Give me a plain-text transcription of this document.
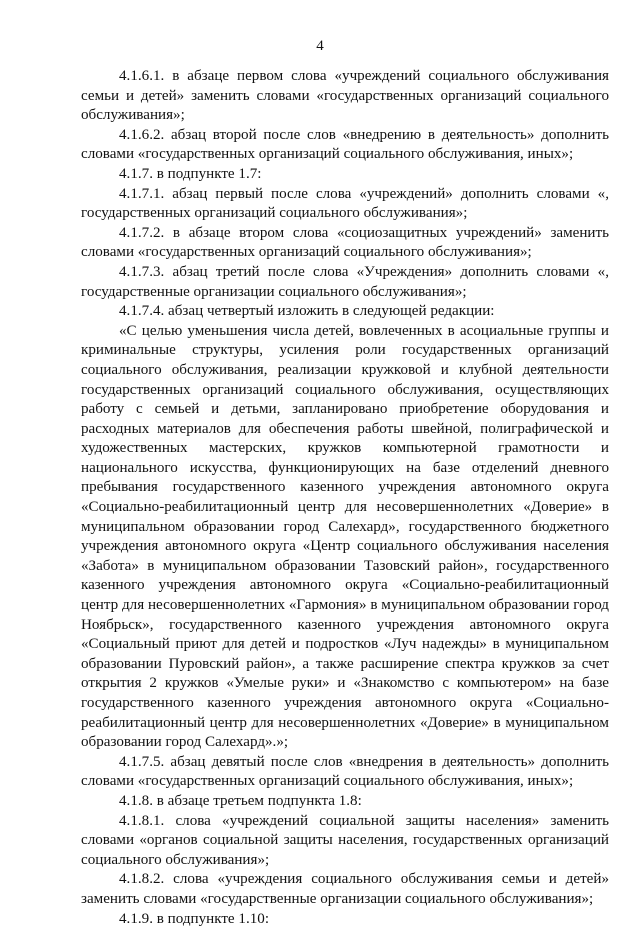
4

4.1.6.1. в абзаце первом слова «учреждений социального обслуживания семьи и детей» заменить словами «государственных организаций социального обслуживания»;

4.1.6.2. абзац второй после слов «внедрению в деятельность» дополнить словами «государственных организаций социального обслуживания, иных»;

4.1.7. в подпункте 1.7:

4.1.7.1. абзац первый после слова «учреждений» дополнить словами «, государственных организаций социального обслуживания»;

4.1.7.2. в абзаце втором слова «социозащитных учреждений» заменить словами «государственных организаций социального обслуживания»;

4.1.7.3. абзац третий после слова «Учреждения» дополнить словами «, государственные организации социального обслуживания»;

4.1.7.4. абзац четвертый изложить в следующей редакции:

«С целью уменьшения числа детей, вовлеченных в асоциальные группы и криминальные структуры, усиления роли государственных организаций социального обслуживания, реализации кружковой и клубной деятельности государственных организаций социального обслуживания, осуществляющих работу с семьей и детьми, запланировано приобретение оборудования и расходных материалов для обеспечения работы швейной, полиграфической и художественных мастерских, кружков компьютерной грамотности и национального искусства, функционирующих на базе отделений дневного пребывания государственного казенного учреждения автономного округа «Социально-реабилитационный центр для несовершеннолетних «Доверие» в муниципальном образовании город Салехард», государственного бюджетного учреждения автономного округа «Центр социального обслуживания населения «Забота» в муниципальном образовании Тазовский район», государственного казенного учреждения автономного округа «Социально-реабилитационный центр для несовершеннолетних «Гармония» в муниципальном образовании город Ноябрьск», государственного казенного учреждения автономного округа «Социальный приют для детей и подростков «Луч надежды» в муниципальном образовании Пуровский район», а также расширение спектра кружков за счет открытия 2 кружков «Умелые руки» и «Знакомство с компьютером» на базе государственного казенного учреждения автономного округа «Социально-реабилитационный центр для несовершеннолетних «Доверие» в муниципальном образовании город Салехард».»;

4.1.7.5. абзац девятый после слов «внедрения в деятельность» дополнить словами «государственных организаций социального обслуживания, иных»;

4.1.8. в абзаце третьем подпункта 1.8:

4.1.8.1. слова «учреждений социальной защиты населения» заменить словами «органов социальной защиты населения, государственных организаций социального обслуживания»;

4.1.8.2. слова «учреждения социального обслуживания семьи и детей» заменить словами «государственные организации социального обслуживания»;

4.1.9. в подпункте 1.10:
